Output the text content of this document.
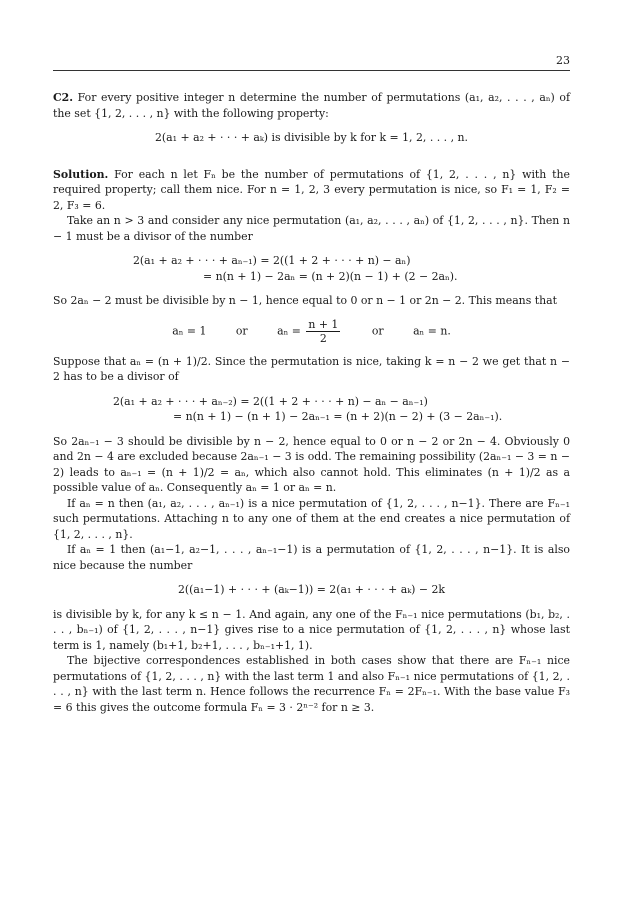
23

C2. For every positive integer n determine the number of permutations (a₁, a₂, . . . , aₙ) of the set {1, 2, . . . , n} with the following property:

2(a₁ + a₂ + · · · + aₖ) is divisible by k for k = 1, 2, . . . , n.

Solution. For each n let Fₙ be the number of permutations of {1, 2, . . . , n} with the required property; call them nice. For n = 1, 2, 3 every permutation is nice, so F₁ = 1, F₂ = 2, F₃ = 6.

Take an n > 3 and consider any nice permutation (a₁, a₂, . . . , aₙ) of {1, 2, . . . , n}. Then n − 1 must be a divisor of the number

2(a₁ + a₂ + · · · + aₙ₋₁) = 2((1 + 2 + · · · + n) − aₙ)
= n(n + 1) − 2aₙ = (n + 2)(n − 1) + (2 − 2aₙ).

So 2aₙ − 2 must be divisible by n − 1, hence equal to 0 or n − 1 or 2n − 2. This means that

aₙ = 1	or	$a_n = \frac{n + 1}{2}$	or	aₙ = n.

Suppose that aₙ = (n + 1)/2. Since the permutation is nice, taking k = n − 2 we get that n − 2 has to be a divisor of

2(a₁ + a₂ + · · · + aₙ₋₂) = 2((1 + 2 + · · · + n) − aₙ − aₙ₋₁)
= n(n + 1) − (n + 1) − 2aₙ₋₁ = (n + 2)(n − 2) + (3 − 2aₙ₋₁).

So 2aₙ₋₁ − 3 should be divisible by n − 2, hence equal to 0 or n − 2 or 2n − 4. Obviously 0 and 2n − 4 are excluded because 2aₙ₋₁ − 3 is odd. The remaining possibility (2aₙ₋₁ − 3 = n − 2) leads to aₙ₋₁ = (n + 1)/2 = aₙ, which also cannot hold. This eliminates (n + 1)/2 as a possible value of aₙ. Consequently aₙ = 1 or aₙ = n.

If aₙ = n then (a₁, a₂, . . . , aₙ₋₁) is a nice permutation of {1, 2, . . . , n−1}. There are Fₙ₋₁ such permutations. Attaching n to any one of them at the end creates a nice permutation of {1, 2, . . . , n}.

If aₙ = 1 then (a₁−1, a₂−1, . . . , aₙ₋₁−1) is a permutation of {1, 2, . . . , n−1}. It is also nice because the number

2((a₁−1) + · · · + (aₖ−1)) = 2(a₁ + · · · + aₖ) − 2k

is divisible by k, for any k ≤ n − 1. And again, any one of the Fₙ₋₁ nice permutations (b₁, b₂, . . . , bₙ₋₁) of {1, 2, . . . , n−1} gives rise to a nice permutation of {1, 2, . . . , n} whose last term is 1, namely (b₁+1, b₂+1, . . . , bₙ₋₁+1, 1).

The bijective correspondences established in both cases show that there are Fₙ₋₁ nice permutations of {1, 2, . . . , n} with the last term 1 and also Fₙ₋₁ nice permutations of {1, 2, . . . , n} with the last term n. Hence follows the recurrence Fₙ = 2Fₙ₋₁. With the base value F₃ = 6 this gives the outcome formula Fₙ = 3 · 2ⁿ⁻² for n ≥ 3.
